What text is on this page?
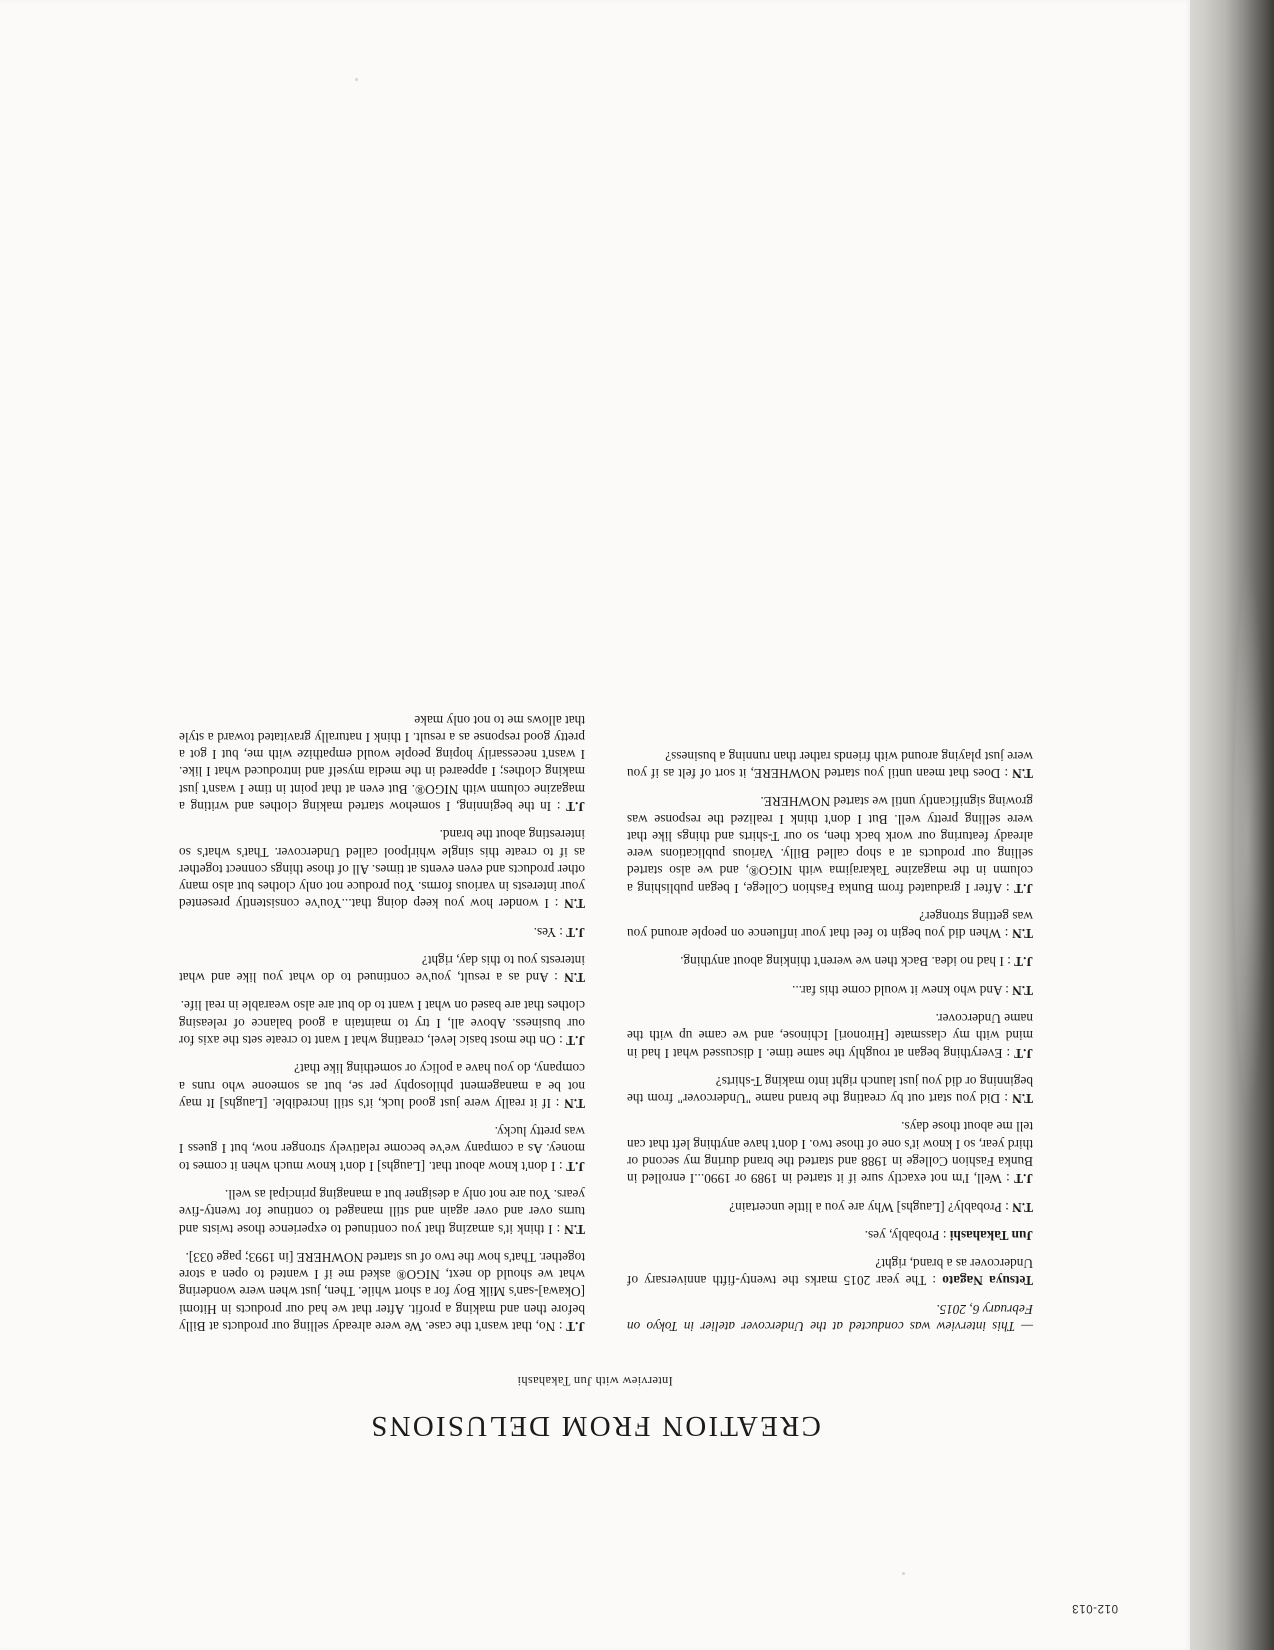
012-013
CREATION FROM DELUSIONS
Interview with Jun Takahashi

—This interview was conducted at the Undercover atelier in Tokyo on February 6, 2015.

Tetsuya Nagato : The year 2015 marks the twenty-fifth anniversary of Undercover as a brand, right?

Jun Takahashi : Probably, yes.

T.N : Probably? [Laughs] Why are you a little uncertain?

J.T : Well, I'm not exactly sure if it started in 1989 or 1990...I enrolled in Bunka Fashion College in 1988 and started the brand during my second or third year, so I know it's one of those two. I don't have anything left that can tell me about those days.

T.N : Did you start out by creating the brand name "Undercover" from the beginning or did you just launch right into making T-shirts?

J.T : Everything began at roughly the same time. I discussed what I had in mind with my classmate [Hironori] Ichinose, and we came up with the name Undercover.

T.N : And who knew it would come this far...

J.T : I had no idea. Back then we weren't thinking about anything.

T.N : When did you begin to feel that your influence on people around you was getting stronger?

J.T : After I graduated from Bunka Fashion College, I began publishing a column in the magazine Takarajima with NIGO®, and we also started selling our products at a shop called Billy. Various publications were already featuring our work back then, so our T-shirts and things like that were selling pretty well. But I don't think I realized the response was growing significantly until we started NOWHERE.

T.N : Does that mean until you started NOWHERE, it sort of felt as if you were just playing around with friends rather than running a business?

J.T : No, that wasn't the case. We were already selling our products at Billy before then and making a profit. After that we had our products in Hitomi [Okawa]-san's Milk Boy for a short while. Then, just when were wondering what we should do next, NIGO® asked me if I wanted to open a store together. That's how the two of us started NOWHERE [in 1993; page 033].

T.N : I think it's amazing that you continued to experience those twists and turns over and over again and still managed to continue for twenty-five years. You are not only a designer but a managing principal as well.

J.T : I don't know about that. [Laughs] I don't know much when it comes to money. As a company we've become relatively stronger now, but I guess I was pretty lucky.

T.N : If it really were just good luck, it's still incredible. [Laughs] It may not be a management philosophy per se, but as someone who runs a company, do you have a policy or something like that?

J.T : On the most basic level, creating what I want to create sets the axis for our business. Above all, I try to maintain a good balance of releasing clothes that are based on what I want to do but are also wearable in real life.

T.N : And as a result, you've continued to do what you like and what interests you to this day, right?

J.T : Yes.

T.N : I wonder how you keep doing that...You've consistently presented your interests in various forms. You produce not only clothes but also many other products and even events at times. All of those things connect together as if to create this single whirlpool called Undercover. That's what's so interesting about the brand.

J.T : In the beginning, I somehow started making clothes and writing a magazine column with NIGO®. But even at that point in time I wasn't just making clothes; I appeared in the media myself and introduced what I like. I wasn't necessarily hoping people would empathize with me, but I got a pretty good response as a result. I think I naturally gravitated toward a style that allows me to not only make
